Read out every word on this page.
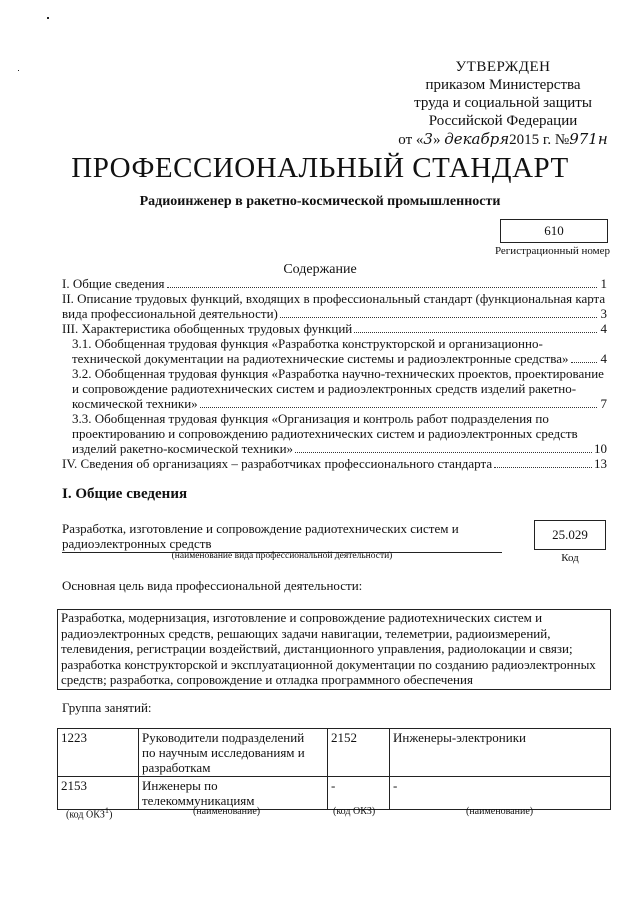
УТВЕРЖДЕН
приказом Министерства
труда и социальной защиты
Российской Федерации
от «3» декабря2015 г. №971н
ПРОФЕССИОНАЛЬНЫЙ СТАНДАРТ
Радиоинженер в ракетно-космической промышленности
610
Регистрационный номер
Содержание
I. Общие сведения	1
II. Описание трудовых функций, входящих в профессиональный стандарт (функциональная карта
вида профессиональной деятельности)	3
III. Характеристика обобщенных трудовых функций	4
3.1. Обобщенная трудовая функция «Разработка конструкторской и организационно-
технической документации на радиотехнические системы и радиоэлектронные средства» 4
3.2. Обобщенная трудовая функция «Разработка научно-технических проектов, проектирование
и сопровождение радиотехнических систем и радиоэлектронных средств изделий ракетно-
космической техники»	7
3.3. Обобщенная трудовая функция «Организация и контроль работ подразделения по
проектированию и сопровождению радиотехнических систем и радиоэлектронных средств
изделий ракетно-космической техники»	10
IV. Сведения об организациях – разработчиках профессионального стандарта	13
I. Общие сведения
Разработка, изготовление и сопровождение радиотехнических систем и
радиоэлектронных средств
(наименование вида профессиональной деятельности)
25.029
Код
Основная цель вида профессиональной деятельности:
Разработка, модернизация, изготовление и сопровождение радиотехнических систем и
радиоэлектронных средств, решающих задачи навигации, телеметрии, радиоизмерений,
телевидения, регистрации воздействий, дистанционного управления, радиолокации и связи;
разработка конструкторской и эксплуатационной документации по созданию радиоэлектронных
средств; разработка, сопровождение и отладка программного обеспечения
Группа занятий:
1223	Руководители подразделений
по научным исследованиям и
разработкам	2152	Инженеры-электроники
2153	Инженеры по
телекоммуникациям	-	-
(код ОКЗ$^1$)	(наименование)	(код ОКЗ)	(наименование)
